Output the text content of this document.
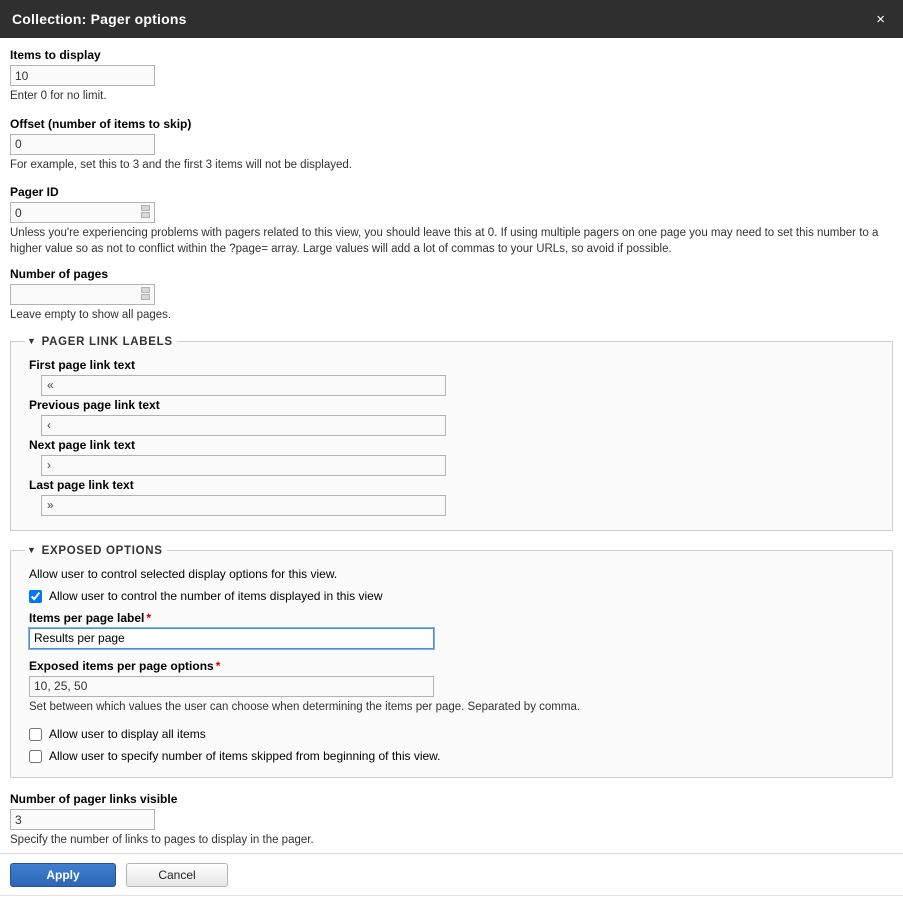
Collection: Pager options	×
Items to display
10
Enter 0 for no limit.
Offset (number of items to skip)
0
For example, set this to 3 and the first 3 items will not be displayed.
Pager ID
0
Unless you're experiencing problems with pagers related to this view, you should leave this at 0. If using multiple pagers on one page you may need to set this number to a higher value so as not to conflict within the ?page= array. Large values will add a lot of commas to your URLs, so avoid if possible.
Number of pages
Leave empty to show all pages.
▼ PAGER LINK LABELS
First page link text
«
Previous page link text
‹
Next page link text
›
Last page link text
»
▼ EXPOSED OPTIONS
Allow user to control selected display options for this view.
Allow user to control the number of items displayed in this view
Items per page label *
Results per page
Exposed items per page options *
10, 25, 50
Set between which values the user can choose when determining the items per page. Separated by comma.
Allow user to display all items
Allow user to specify number of items skipped from beginning of this view.
Number of pager links visible
3
Specify the number of links to pages to display in the pager.
Apply	Cancel
